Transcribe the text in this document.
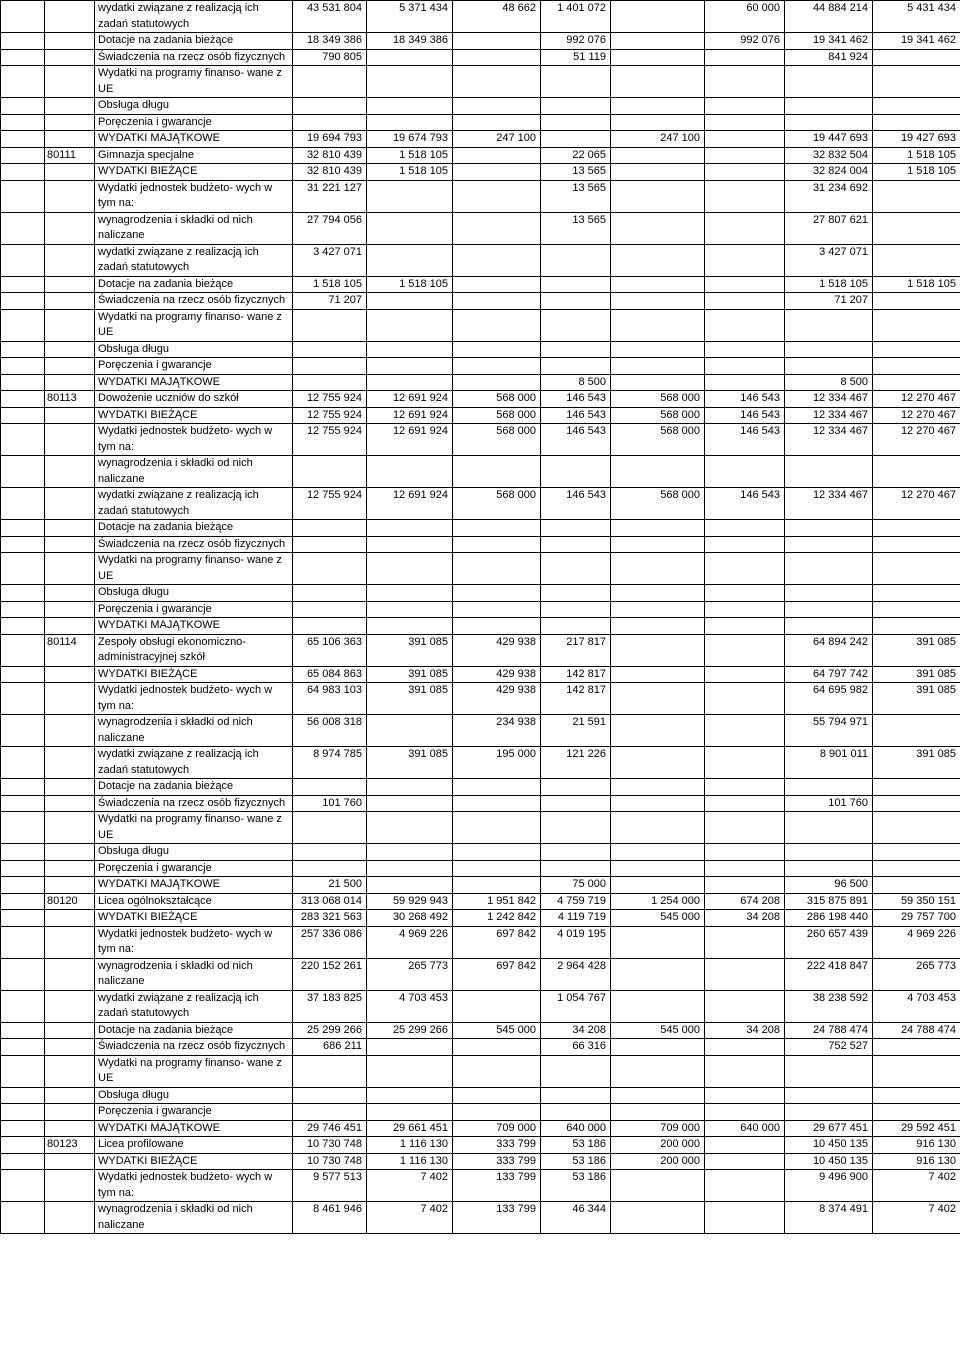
		wydatki związane z realizacją ich zadań statutowych	43 531 804	5 371 434	48 662	1 401 072		60 000	44 884 214	5 431 434
		Dotacje na zadania bieżące	18 349 386	18 349 386		992 076		992 076	19 341 462	19 341 462
		Świadczenia na rzecz osób fizycznych	790 805			51 119			841 924	
		Wydatki na programy finanso- wane z UE								
		Obsługa długu								
		Poręczenia i gwarancje								
		WYDATKI MAJĄTKOWE	19 694 793	19 674 793	247 100		247 100		19 447 693	19 427 693
	80111	Gimnazja specjalne	32 810 439	1 518 105		22 065			32 832 504	1 518 105
		WYDATKI BIEŻĄCE	32 810 439	1 518 105		13 565			32 824 004	1 518 105
		Wydatki jednostek budżeto- wych w tym na:	31 221 127			13 565			31 234 692	
		wynagrodzenia i składki od nich naliczane	27 794 056			13 565			27 807 621	
		wydatki związane z realizacją ich zadań statutowych	3 427 071						3 427 071	
		Dotacje na zadania bieżące	1 518 105	1 518 105					1 518 105	1 518 105
		Świadczenia na rzecz osób fizycznych	71 207						71 207	
		Wydatki na programy finanso- wane z UE								
		Obsługa długu								
		Poręczenia i gwarancje								
		WYDATKI MAJĄTKOWE				8 500			8 500	
	80113	Dowożenie uczniów do szkół	12 755 924	12 691 924	568 000	146 543	568 000	146 543	12 334 467	12 270 467
		WYDATKI BIEŻĄCE	12 755 924	12 691 924	568 000	146 543	568 000	146 543	12 334 467	12 270 467
		Wydatki jednostek budżeto- wych w tym na:	12 755 924	12 691 924	568 000	146 543	568 000	146 543	12 334 467	12 270 467
		wynagrodzenia i składki od nich naliczane								
		wydatki związane z realizacją ich zadań statutowych	12 755 924	12 691 924	568 000	146 543	568 000	146 543	12 334 467	12 270 467
		Dotacje na zadania bieżące								
		Świadczenia na rzecz osób fizycznych								
		Wydatki na programy finanso- wane z UE								
		Obsługa długu								
		Poręczenia i gwarancje								
		WYDATKI MAJĄTKOWE								
	80114	Zespoły obsługi ekonomiczno- administracyjnej szkół	65 106 363	391 085	429 938	217 817			64 894 242	391 085
		WYDATKI BIEŻĄCE	65 084 863	391 085	429 938	142 817			64 797 742	391 085
		Wydatki jednostek budżeto- wych w tym na:	64 983 103	391 085	429 938	142 817			64 695 982	391 085
		wynagrodzenia i składki od nich naliczane	56 008 318		234 938	21 591			55 794 971	
		wydatki związane z realizacją ich zadań statutowych	8 974 785	391 085	195 000	121 226			8 901 011	391 085
		Dotacje na zadania bieżące								
		Świadczenia na rzecz osób fizycznych	101 760						101 760	
		Wydatki na programy finanso- wane z UE								
		Obsługa długu								
		Poręczenia i gwarancje								
		WYDATKI MAJĄTKOWE	21 500			75 000			96 500	
	80120	Licea ogólnokształcące	313 068 014	59 929 943	1 951 842	4 759 719	1 254 000	674 208	315 875 891	59 350 151
		WYDATKI BIEŻĄCE	283 321 563	30 268 492	1 242 842	4 119 719	545 000	34 208	286 198 440	29 757 700
		Wydatki jednostek budżeto- wych w tym na:	257 336 086	4 969 226	697 842	4 019 195			260 657 439	4 969 226
		wynagrodzenia i składki od nich naliczane	220 152 261	265 773	697 842	2 964 428			222 418 847	265 773
		wydatki związane z realizacją ich zadań statutowych	37 183 825	4 703 453		1 054 767			38 238 592	4 703 453
		Dotacje na zadania bieżące	25 299 266	25 299 266	545 000	34 208	545 000	34 208	24 788 474	24 788 474
		Świadczenia na rzecz osób fizycznych	686 211			66 316			752 527	
		Wydatki na programy finanso- wane z UE								
		Obsługa długu								
		Poręczenia i gwarancje								
		WYDATKI MAJĄTKOWE	29 746 451	29 661 451	709 000	640 000	709 000	640 000	29 677 451	29 592 451
	80123	Licea profilowane	10 730 748	1 116 130	333 799	53 186	200 000		10 450 135	916 130
		WYDATKI BIEŻĄCE	10 730 748	1 116 130	333 799	53 186	200 000		10 450 135	916 130
		Wydatki jednostek budżeto- wych w tym na:	9 577 513	7 402	133 799	53 186			9 496 900	7 402
		wynagrodzenia i składki od nich naliczane	8 461 946	7 402	133 799	46 344			8 374 491	7 402
